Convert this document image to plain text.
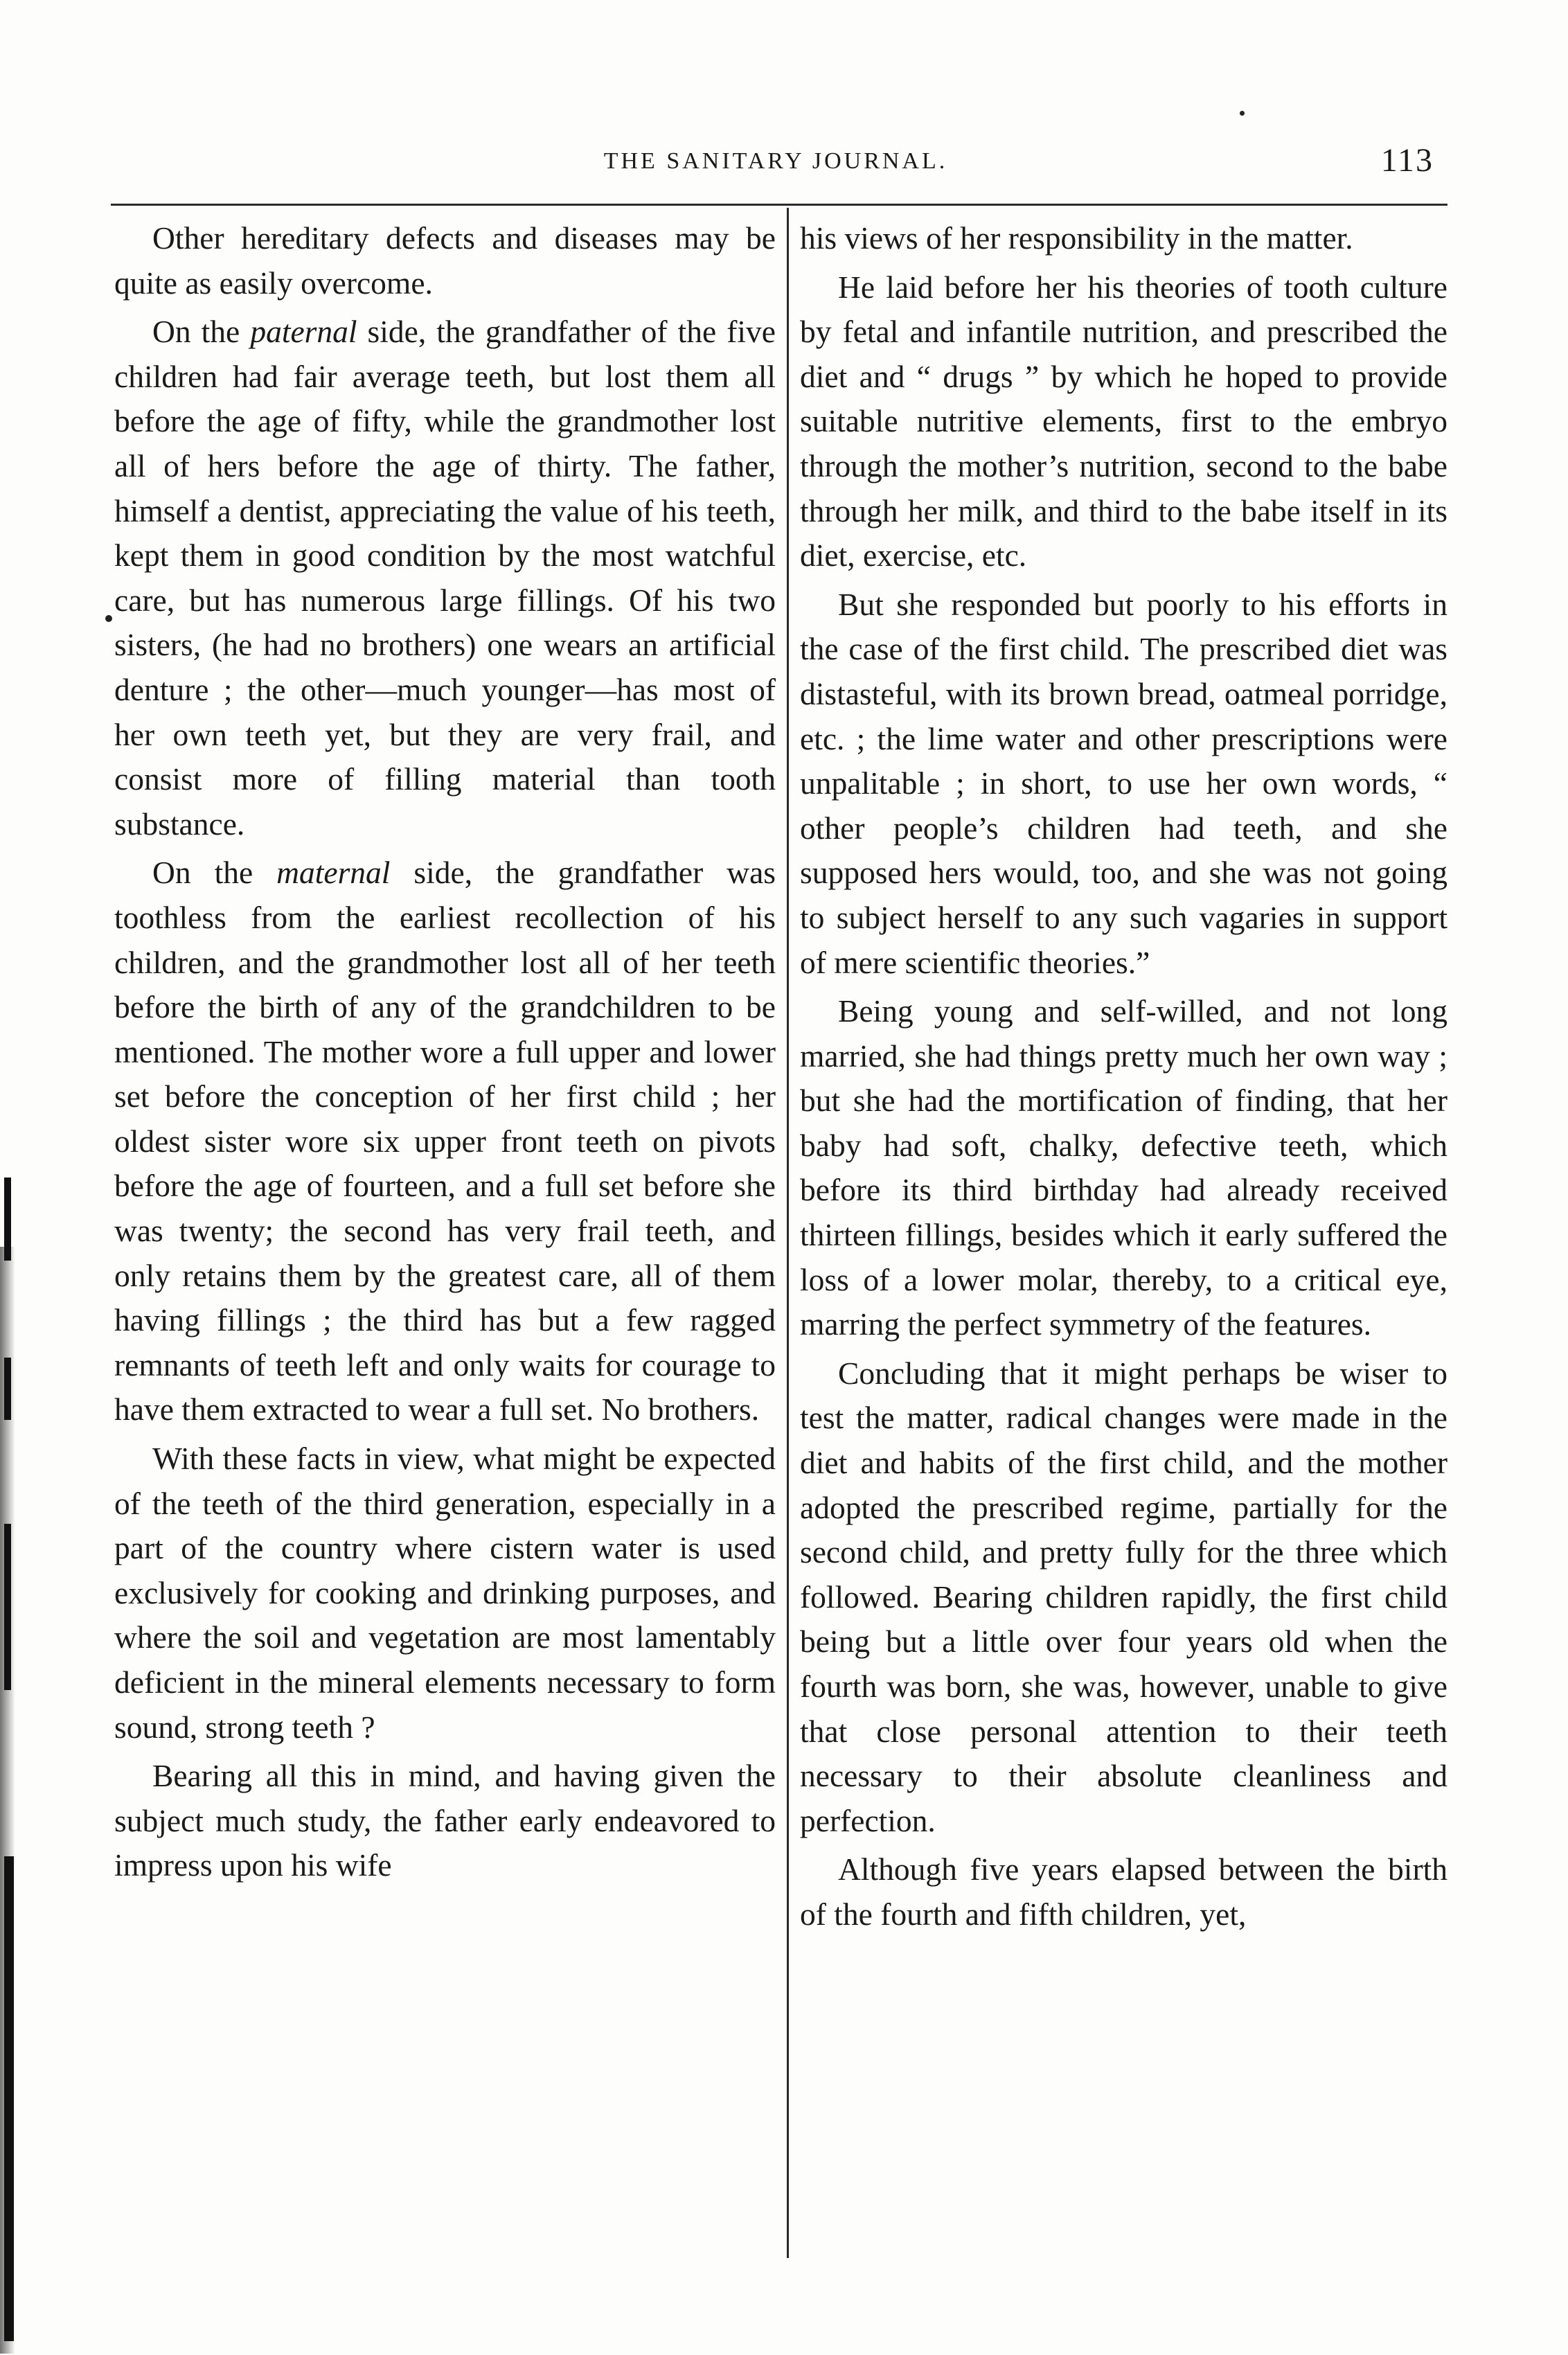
THE SANITARY JOURNAL.	113

Other hereditary defects and diseases may be quite as easily overcome.

On the paternal side, the grandfather of the five children had fair average teeth, but lost them all before the age of fifty, while the grandmother lost all of hers before the age of thirty. The father, himself a dentist, appreciating the value of his teeth, kept them in good condition by the most watchful care, but has numerous large fillings. Of his two sisters, (he had no brothers) one wears an artificial denture ; the other—much younger—has most of her own teeth yet, but they are very frail, and consist more of filling material than tooth substance.

On the maternal side, the grandfather was toothless from the earliest recollection of his children, and the grandmother lost all of her teeth before the birth of any of the grandchildren to be mentioned. The mother wore a full upper and lower set before the conception of her first child ; her oldest sister wore six upper front teeth on pivots before the age of fourteen, and a full set before she was twenty; the second has very frail teeth, and only retains them by the greatest care, all of them having fillings ; the third has but a few ragged remnants of teeth left and only waits for courage to have them extracted to wear a full set. No brothers.

With these facts in view, what might be expected of the teeth of the third generation, especially in a part of the country where cistern water is used exclusively for cooking and drinking purposes, and where the soil and vegetation are most lamentably deficient in the mineral elements necessary to form sound, strong teeth ?

Bearing all this in mind, and having given the subject much study, the father early endeavored to impress upon his wife

his views of her responsibility in the matter.

He laid before her his theories of tooth culture by fetal and infantile nutrition, and prescribed the diet and “ drugs ” by which he hoped to provide suitable nutritive elements, first to the embryo through the mother’s nutrition, second to the babe through her milk, and third to the babe itself in its diet, exercise, etc.

But she responded but poorly to his efforts in the case of the first child. The prescribed diet was distasteful, with its brown bread, oatmeal porridge, etc. ; the lime water and other prescriptions were unpalitable ; in short, to use her own words, “ other people’s children had teeth, and she supposed hers would, too, and she was not going to subject herself to any such vagaries in support of mere scientific theories.”

Being young and self-willed, and not long married, she had things pretty much her own way ; but she had the mortification of finding, that her baby had soft, chalky, defective teeth, which before its third birthday had already received thirteen fillings, besides which it early suffered the loss of a lower molar, thereby, to a critical eye, marring the perfect symmetry of the features.

Concluding that it might perhaps be wiser to test the matter, radical changes were made in the diet and habits of the first child, and the mother adopted the prescribed regime, partially for the second child, and pretty fully for the three which followed. Bearing children rapidly, the first child being but a little over four years old when the fourth was born, she was, however, unable to give that close personal attention to their teeth necessary to their absolute cleanliness and perfection.

Although five years elapsed between the birth of the fourth and fifth children, yet,
